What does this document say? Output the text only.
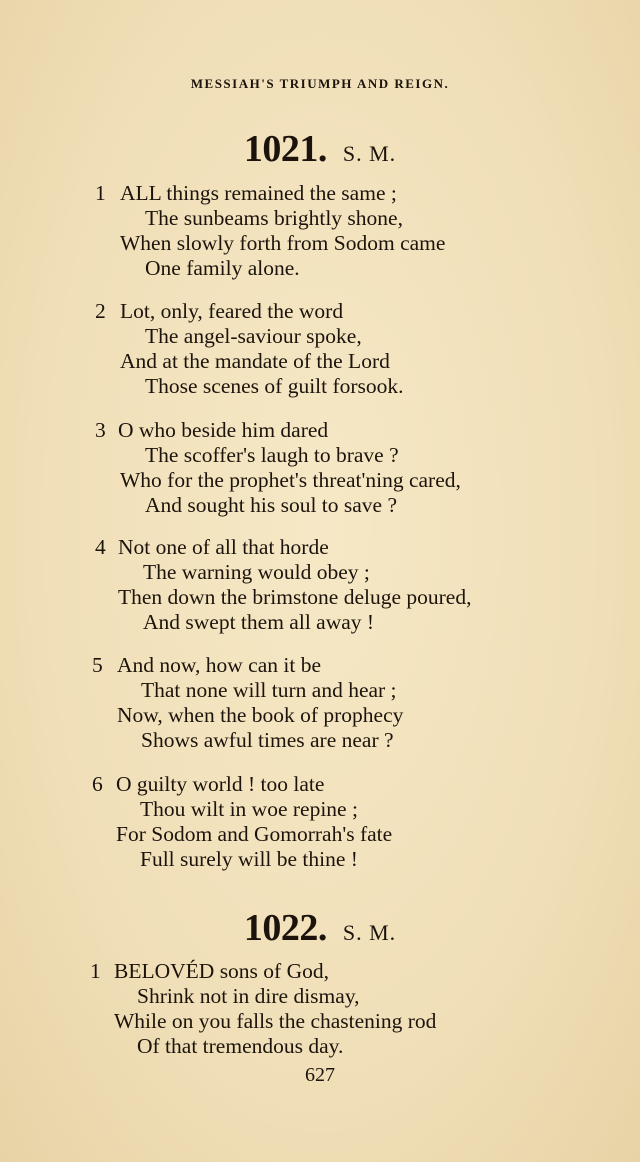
MESSIAH'S TRIUMPH AND REIGN.
1021. S. M.
1 ALL things remained the same ;
The sunbeams brightly shone,
When slowly forth from Sodom came
One family alone.
2 Lot, only, feared the word
The angel-saviour spoke,
And at the mandate of the Lord
Those scenes of guilt forsook.
3 O who beside him dared
The scoffer's laugh to brave ?
Who for the prophet's threat'ning cared,
And sought his soul to save ?
4 Not one of all that horde
The warning would obey ;
Then down the brimstone deluge poured,
And swept them all away !
5 And now, how can it be
That none will turn and hear ;
Now, when the book of prophecy
Shows awful times are near ?
6 O guilty world ! too late
Thou wilt in woe repine ;
For Sodom and Gomorrah's fate
Full surely will be thine !
1022. S. M.
1 BELOVÉD sons of God,
Shrink not in dire dismay,
While on you falls the chastening rod
Of that tremendous day.
627
